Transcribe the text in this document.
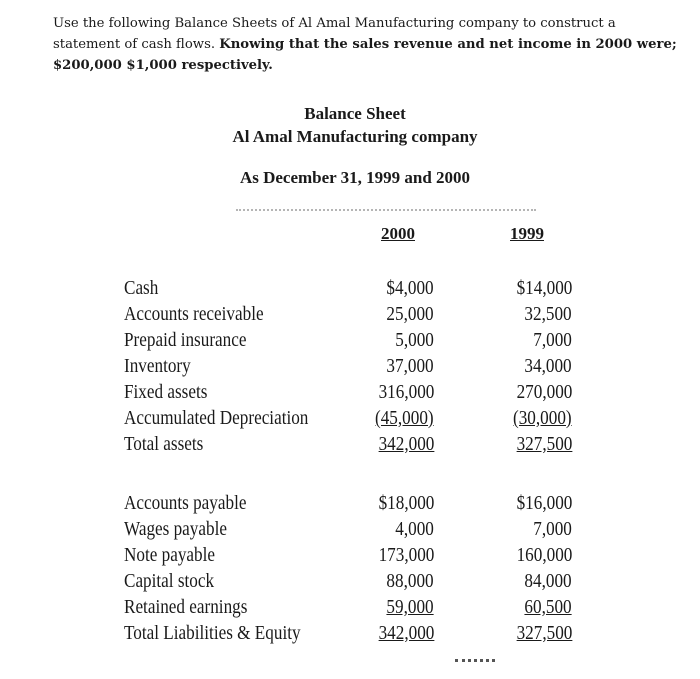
Use the following Balance Sheets of Al Amal Manufacturing company to construct a
statement of cash flows. Knowing that the sales revenue and net income in 2000 were;
$200,000 $1,000 respectively.
Balance Sheet
Al Amal Manufacturing company
As December 31, 1999 and 2000
2000	1999
Cash	$4,000	$14,000
Accounts receivable	25,000	32,500
Prepaid insurance	5,000	7,000
Inventory	37,000	34,000
Fixed assets	316,000	270,000
Accumulated Depreciation	(45,000)	(30,000)
Total assets	342,000	327,500
Accounts payable	$18,000	$16,000
Wages payable	4,000	7,000
Note payable	173,000	160,000
Capital stock	88,000	84,000
Retained earnings	59,000	60,500
Total Liabilities & Equity	342,000	327,500
